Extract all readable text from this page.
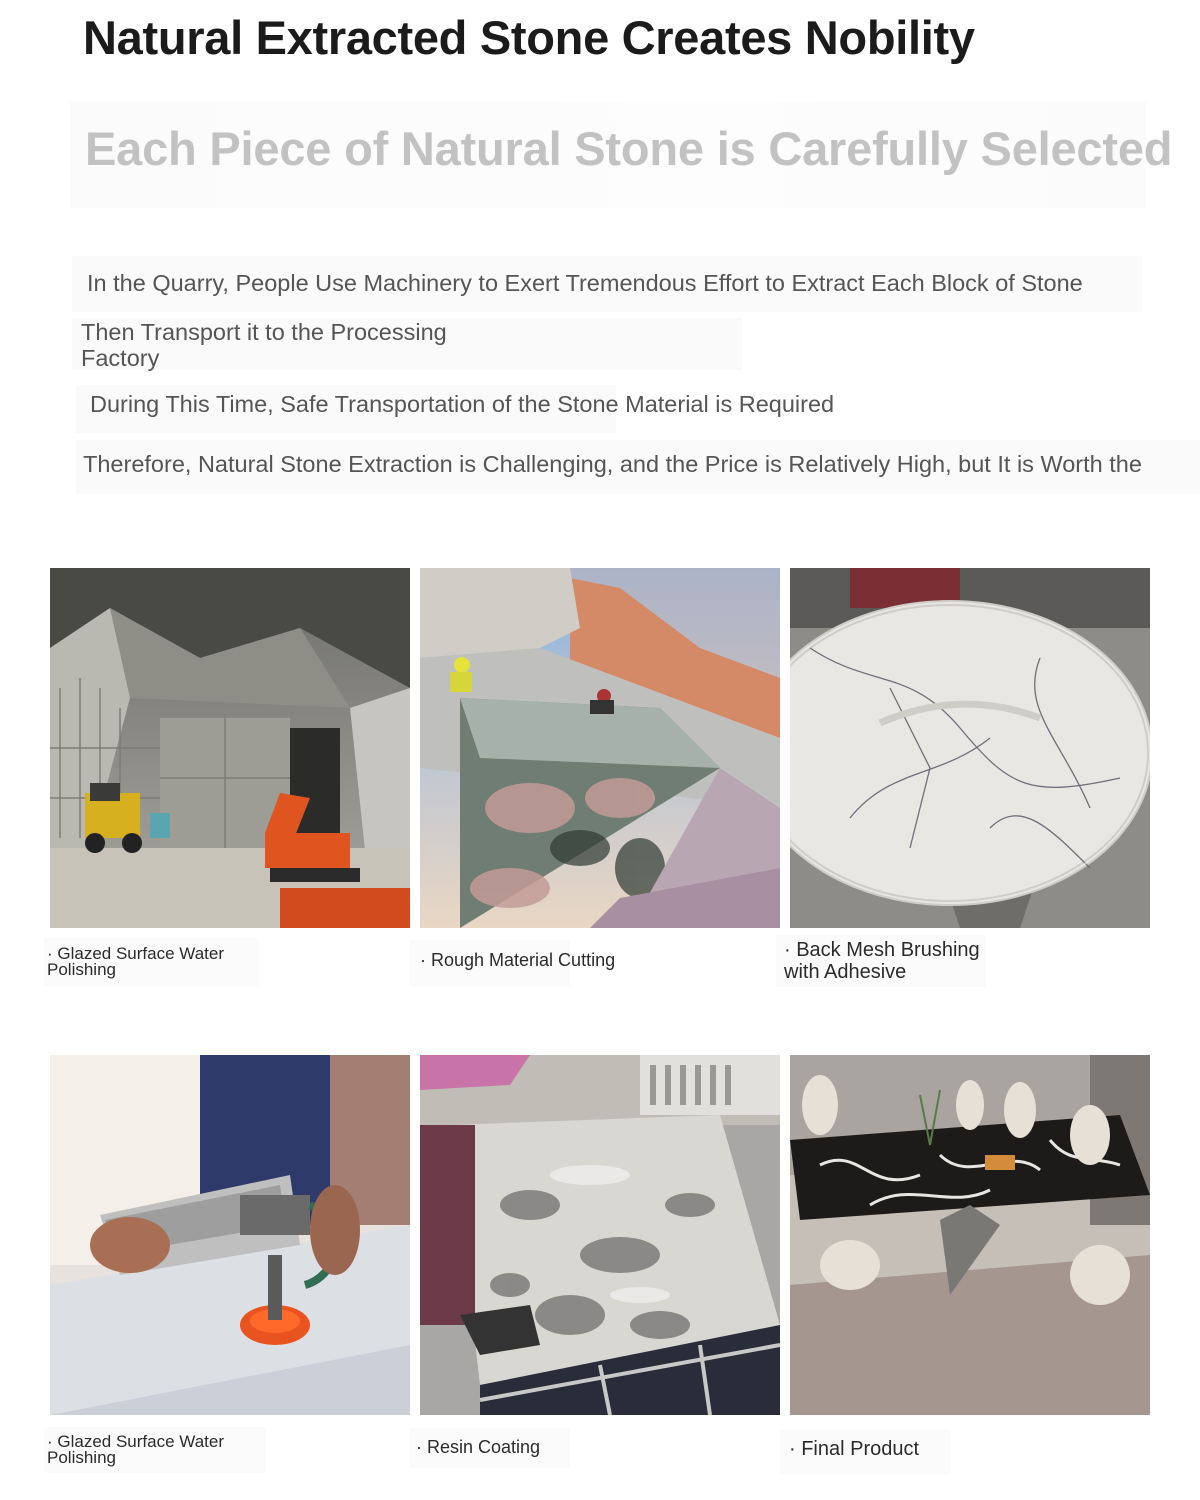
Natural Extracted Stone Creates Nobility
Each Piece of Natural Stone is Carefully Selected
In the Quarry, People Use Machinery to Exert Tremendous Effort to Extract Each Block of Stone
Then Transport it to the Processing Factory
During This Time, Safe Transportation of the Stone Material is Required
Therefore, Natural Stone Extraction is Challenging, and the Price is Relatively High, but It is Worth the
· Glazed Surface Water Polishing	· Rough Material Cutting	· Back Mesh Brushing with Adhesive
· Glazed Surface Water Polishing
· Resin Coating	· Final Product
